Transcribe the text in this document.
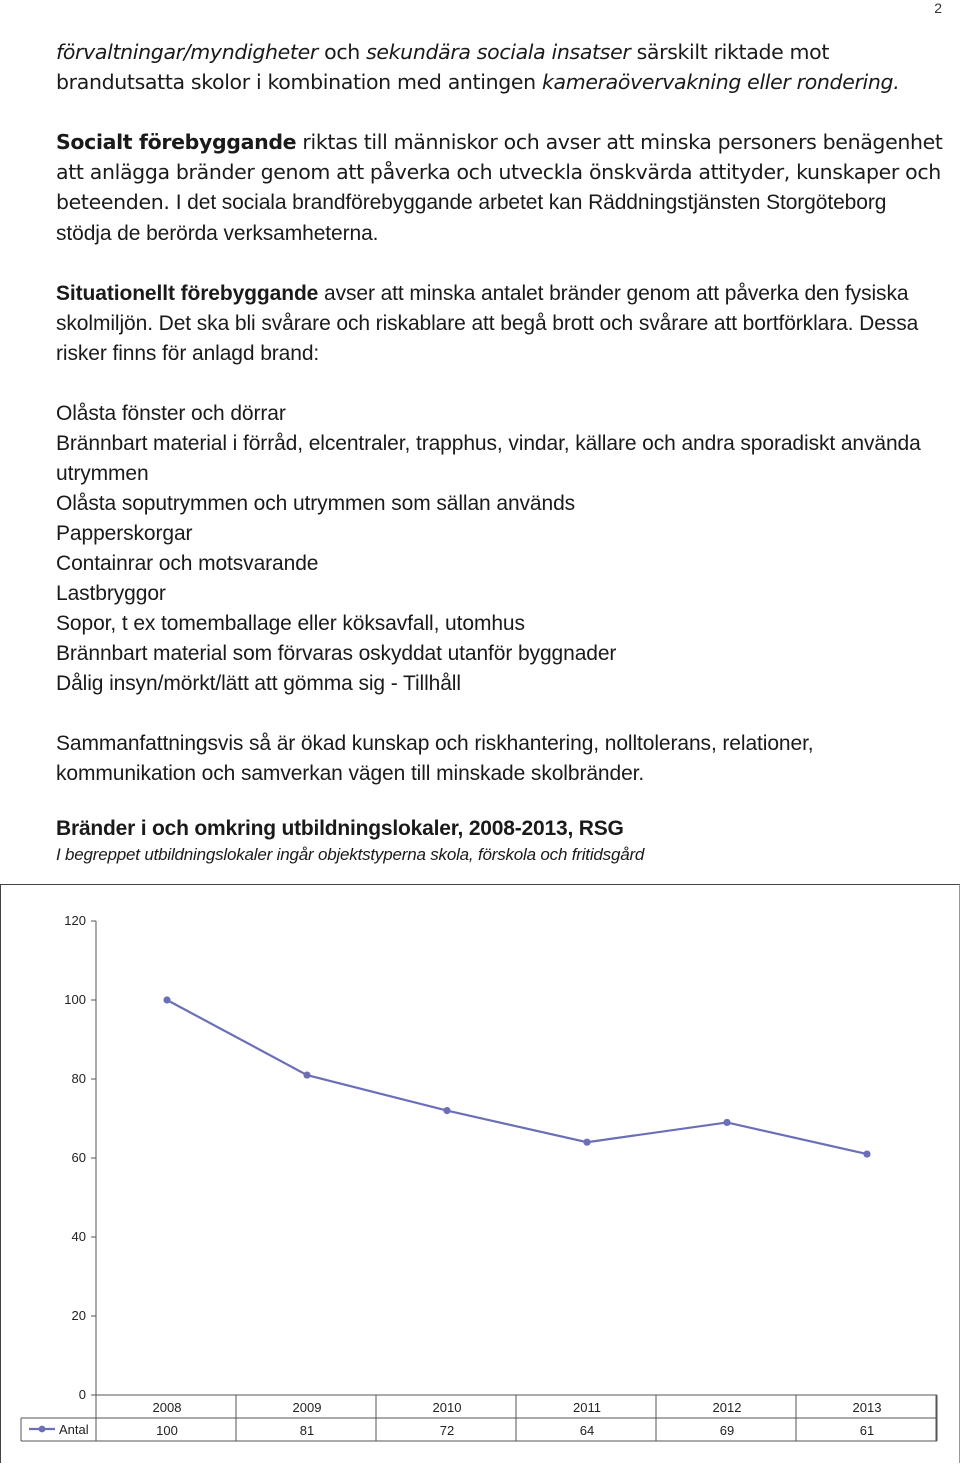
2

förvaltningar/myndigheter och sekundära sociala insatser särskilt riktade mot brandutsatta skolor i kombination med antingen kameraövervakning eller rondering.

Socialt förebyggande riktas till människor och avser att minska personers benägenhet att anlägga bränder genom att påverka och utveckla önskvärda attityder, kunskaper och beteenden. I det sociala brandförebyggande arbetet kan Räddningstjänsten Storgöteborg stödja de berörda verksamheterna.

Situationellt förebyggande avser att minska antalet bränder genom att påverka den fysiska skolmiljön. Det ska bli svårare och riskablare att begå brott och svårare att bortförklara. Dessa risker finns för anlagd brand:

Olåsta fönster och dörrar
Brännbart material i förråd, elcentraler, trapphus, vindar, källare och andra sporadiskt använda utrymmen
Olåsta soputrymmen och utrymmen som sällan används
Papperskorgar
Containrar och motsvarande
Lastbryggor
Sopor, t ex tomemballage eller köksavfall, utomhus
Brännbart material som förvaras oskyddat utanför byggnader
Dålig insyn/mörkt/lätt att gömma sig - Tillhåll

Sammanfattningsvis så är ökad kunskap och riskhantering, nolltolerans, relationer, kommunikation och samverkan vägen till minskade skolbränder.

Bränder i och omkring utbildningslokaler, 2008-2013, RSG

I begreppet utbildningslokaler ingår objektstyperna skola, förskola och fritidsgård

0
20
40
60
80
100
120
2008	2009	2010	2011	2012	2013
100	81	72	64	69	61
Antal
